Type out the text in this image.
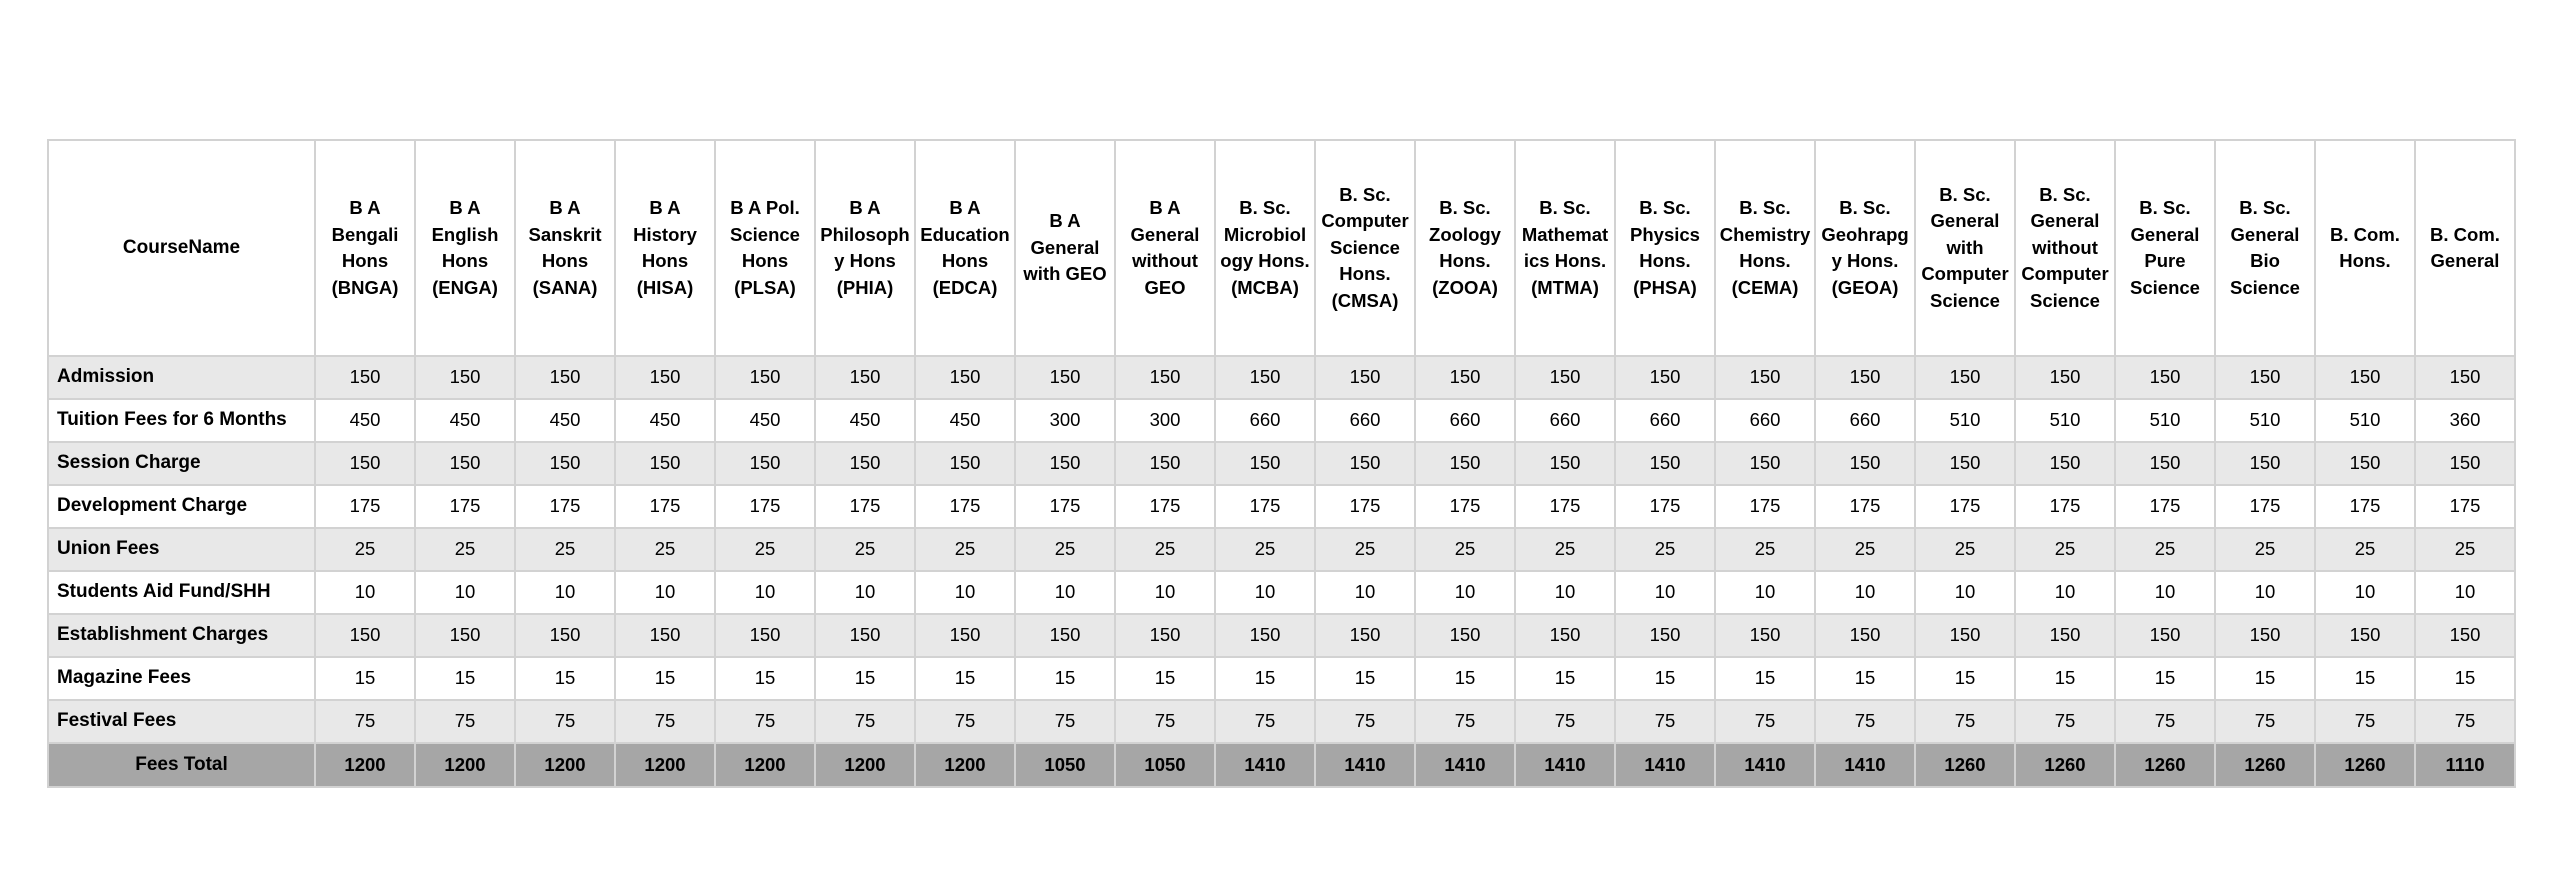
CourseName	B A
Bengali
Hons
(BNGA)	B A
English
Hons
(ENGA)	B A
Sanskrit
Hons
(SANA)	B A
History
Hons
(HISA)	B A Pol.
Science
Hons
(PLSA)	B A
Philosoph
y Hons
(PHIA)	B A
Education
Hons
(EDCA)	B A
General
with GEO	B A
General
without
GEO	B. Sc.
Microbiol
ogy Hons.
(MCBA)	B. Sc.
Computer
Science
Hons.
(CMSA)	B. Sc.
Zoology
Hons.
(ZOOA)	B. Sc.
Mathemat
ics Hons.
(MTMA)	B. Sc.
Physics
Hons.
(PHSA)	B. Sc.
Chemistry
Hons.
(CEMA)	B. Sc.
Geohrapg
y Hons.
(GEOA)	B. Sc.
General
with
Computer
Science	B. Sc.
General
without
Computer
Science	B. Sc.
General
Pure
Science	B. Sc.
General
Bio
Science	B. Com.
Hons.	B. Com.
General

Admission	150	150	150	150	150	150	150	150	150	150	150	150	150	150	150	150	150	150	150	150	150	150
Tuition Fees for 6 Months	450	450	450	450	450	450	450	300	300	660	660	660	660	660	660	660	510	510	510	510	510	360
Session Charge	150	150	150	150	150	150	150	150	150	150	150	150	150	150	150	150	150	150	150	150	150	150
Development Charge	175	175	175	175	175	175	175	175	175	175	175	175	175	175	175	175	175	175	175	175	175	175
Union Fees	25	25	25	25	25	25	25	25	25	25	25	25	25	25	25	25	25	25	25	25	25	25
Students Aid Fund/SHH	10	10	10	10	10	10	10	10	10	10	10	10	10	10	10	10	10	10	10	10	10	10
Establishment Charges	150	150	150	150	150	150	150	150	150	150	150	150	150	150	150	150	150	150	150	150	150	150
Magazine Fees	15	15	15	15	15	15	15	15	15	15	15	15	15	15	15	15	15	15	15	15	15	15
Festival Fees	75	75	75	75	75	75	75	75	75	75	75	75	75	75	75	75	75	75	75	75	75	75
Fees Total	1200	1200	1200	1200	1200	1200	1200	1050	1050	1410	1410	1410	1410	1410	1410	1410	1260	1260	1260	1260	1260	1110
